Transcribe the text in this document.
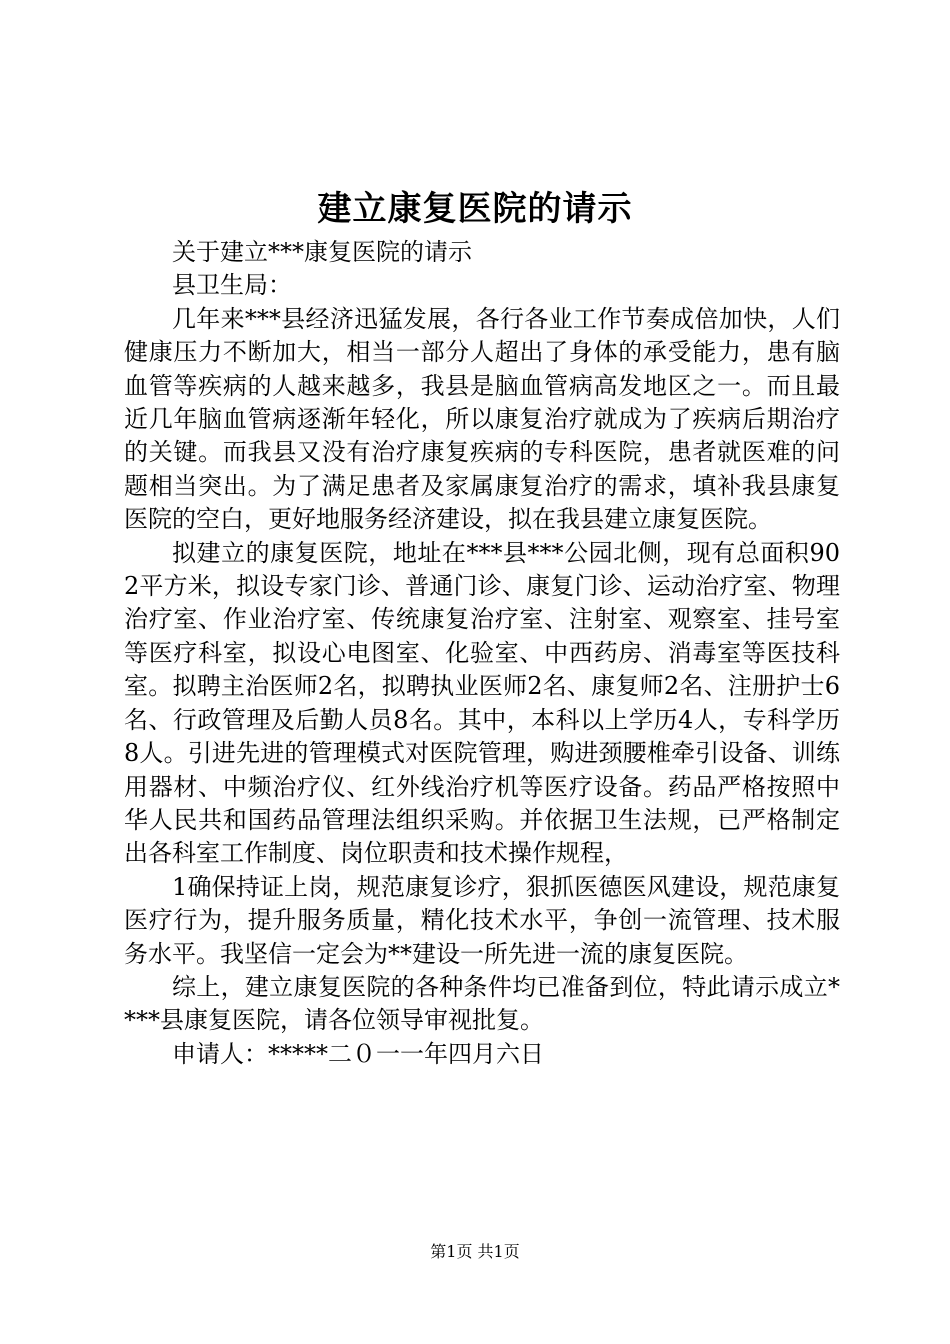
建立康复医院的请示

关于建立***康复医院的请示

县卫生局：

几年来***县经济迅猛发展，各行各业工作节奏成倍加快，人们健康压力不断加大，相当一部分人超出了身体的承受能力，患有脑血管等疾病的人越来越多，我县是脑血管病高发地区之一。而且最近几年脑血管病逐渐年轻化，所以康复治疗就成为了疾病后期治疗的关键。而我县又没有治疗康复疾病的专科医院，患者就医难的问题相当突出。为了满足患者及家属康复治疗的需求，填补我县康复医院的空白，更好地服务经济建设，拟在我县建立康复医院。

拟建立的康复医院，地址在***县***公园北侧，现有总面积902平方米，拟设专家门诊、普通门诊、康复门诊、运动治疗室、物理治疗室、作业治疗室、传统康复治疗室、注射室、观察室、挂号室等医疗科室，拟设心电图室、化验室、中西药房、消毒室等医技科室。拟聘主治医师2名，拟聘执业医师2名、康复师2名、注册护士6名、行政管理及后勤人员8名。其中，本科以上学历4人，专科学历8人。引进先进的管理模式对医院管理，购进颈腰椎牵引设备、训练用器材、中频治疗仪、红外线治疗机等医疗设备。药品严格按照中华人民共和国药品管理法组织采购。并依据卫生法规，已严格制定出各科室工作制度、岗位职责和技术操作规程，

1确保持证上岗，规范康复诊疗，狠抓医德医风建设，规范康复医疗行为，提升服务质量，精化技术水平，争创一流管理、技术服务水平。我坚信一定会为**建设一所先进一流的康复医院。

综上，建立康复医院的各种条件均已准备到位，特此请示成立****县康复医院，请各位领导审视批复。

申请人：*****二０一一年四月六日

第1页 共1页
